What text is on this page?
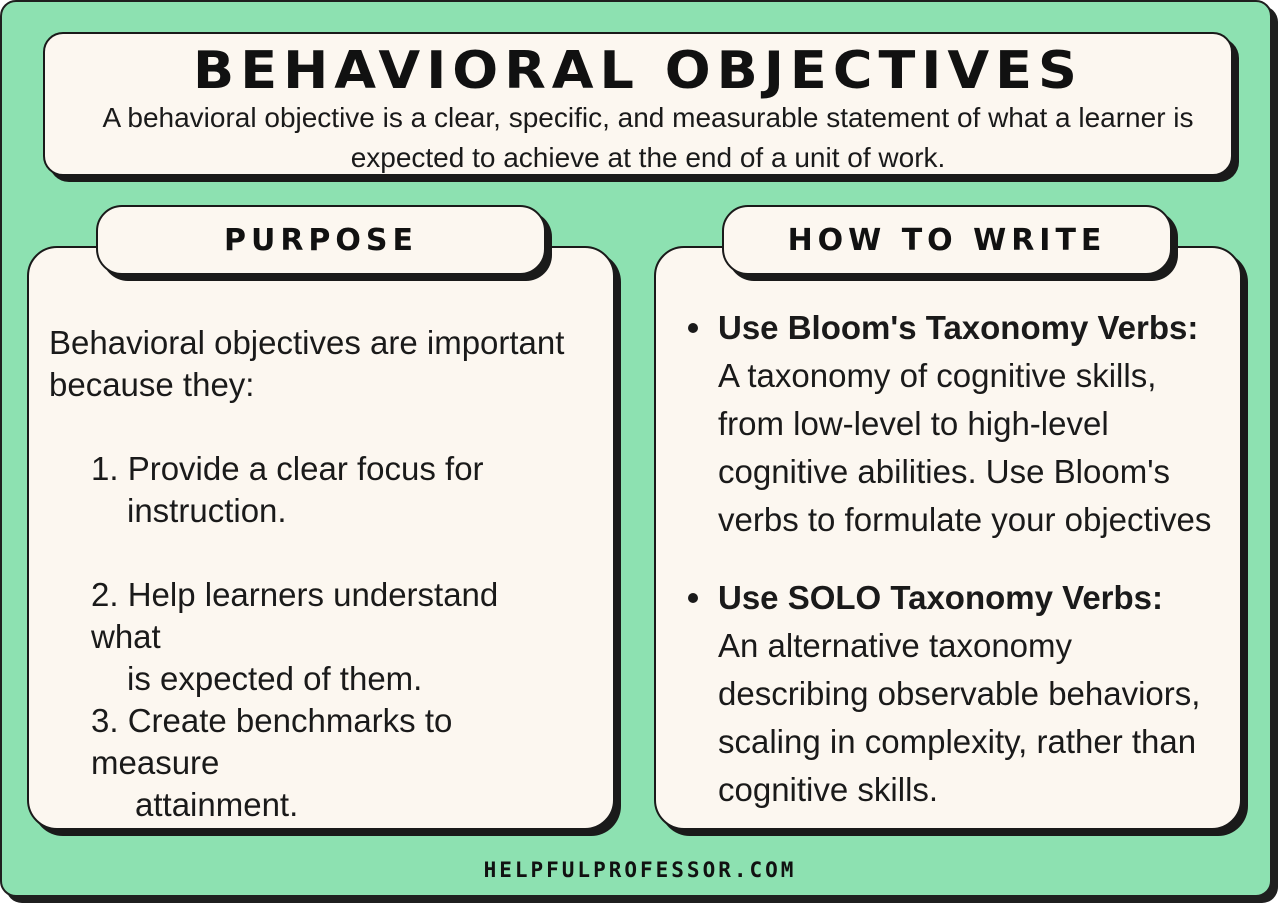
BEHAVIORAL OBJECTIVES
A behavioral objective is a clear, specific, and measurable statement of what a learner is
expected to achieve at the end of a unit of work.
Behavioral objectives are important
because they:
1. Provide a clear focus for
instruction.
2. Help learners understand what
is expected of them.
3. Create benchmarks to measure
attainment.
PURPOSE
Use Bloom's Taxonomy Verbs:
A taxonomy of cognitive skills,
from low-level to high-level
cognitive abilities. Use Bloom's
verbs to formulate your objectives
Use SOLO Taxonomy Verbs:
An alternative taxonomy
describing observable behaviors,
scaling in complexity, rather than
cognitive skills.
HOW TO WRITE
HELPFULPROFESSOR.COM
